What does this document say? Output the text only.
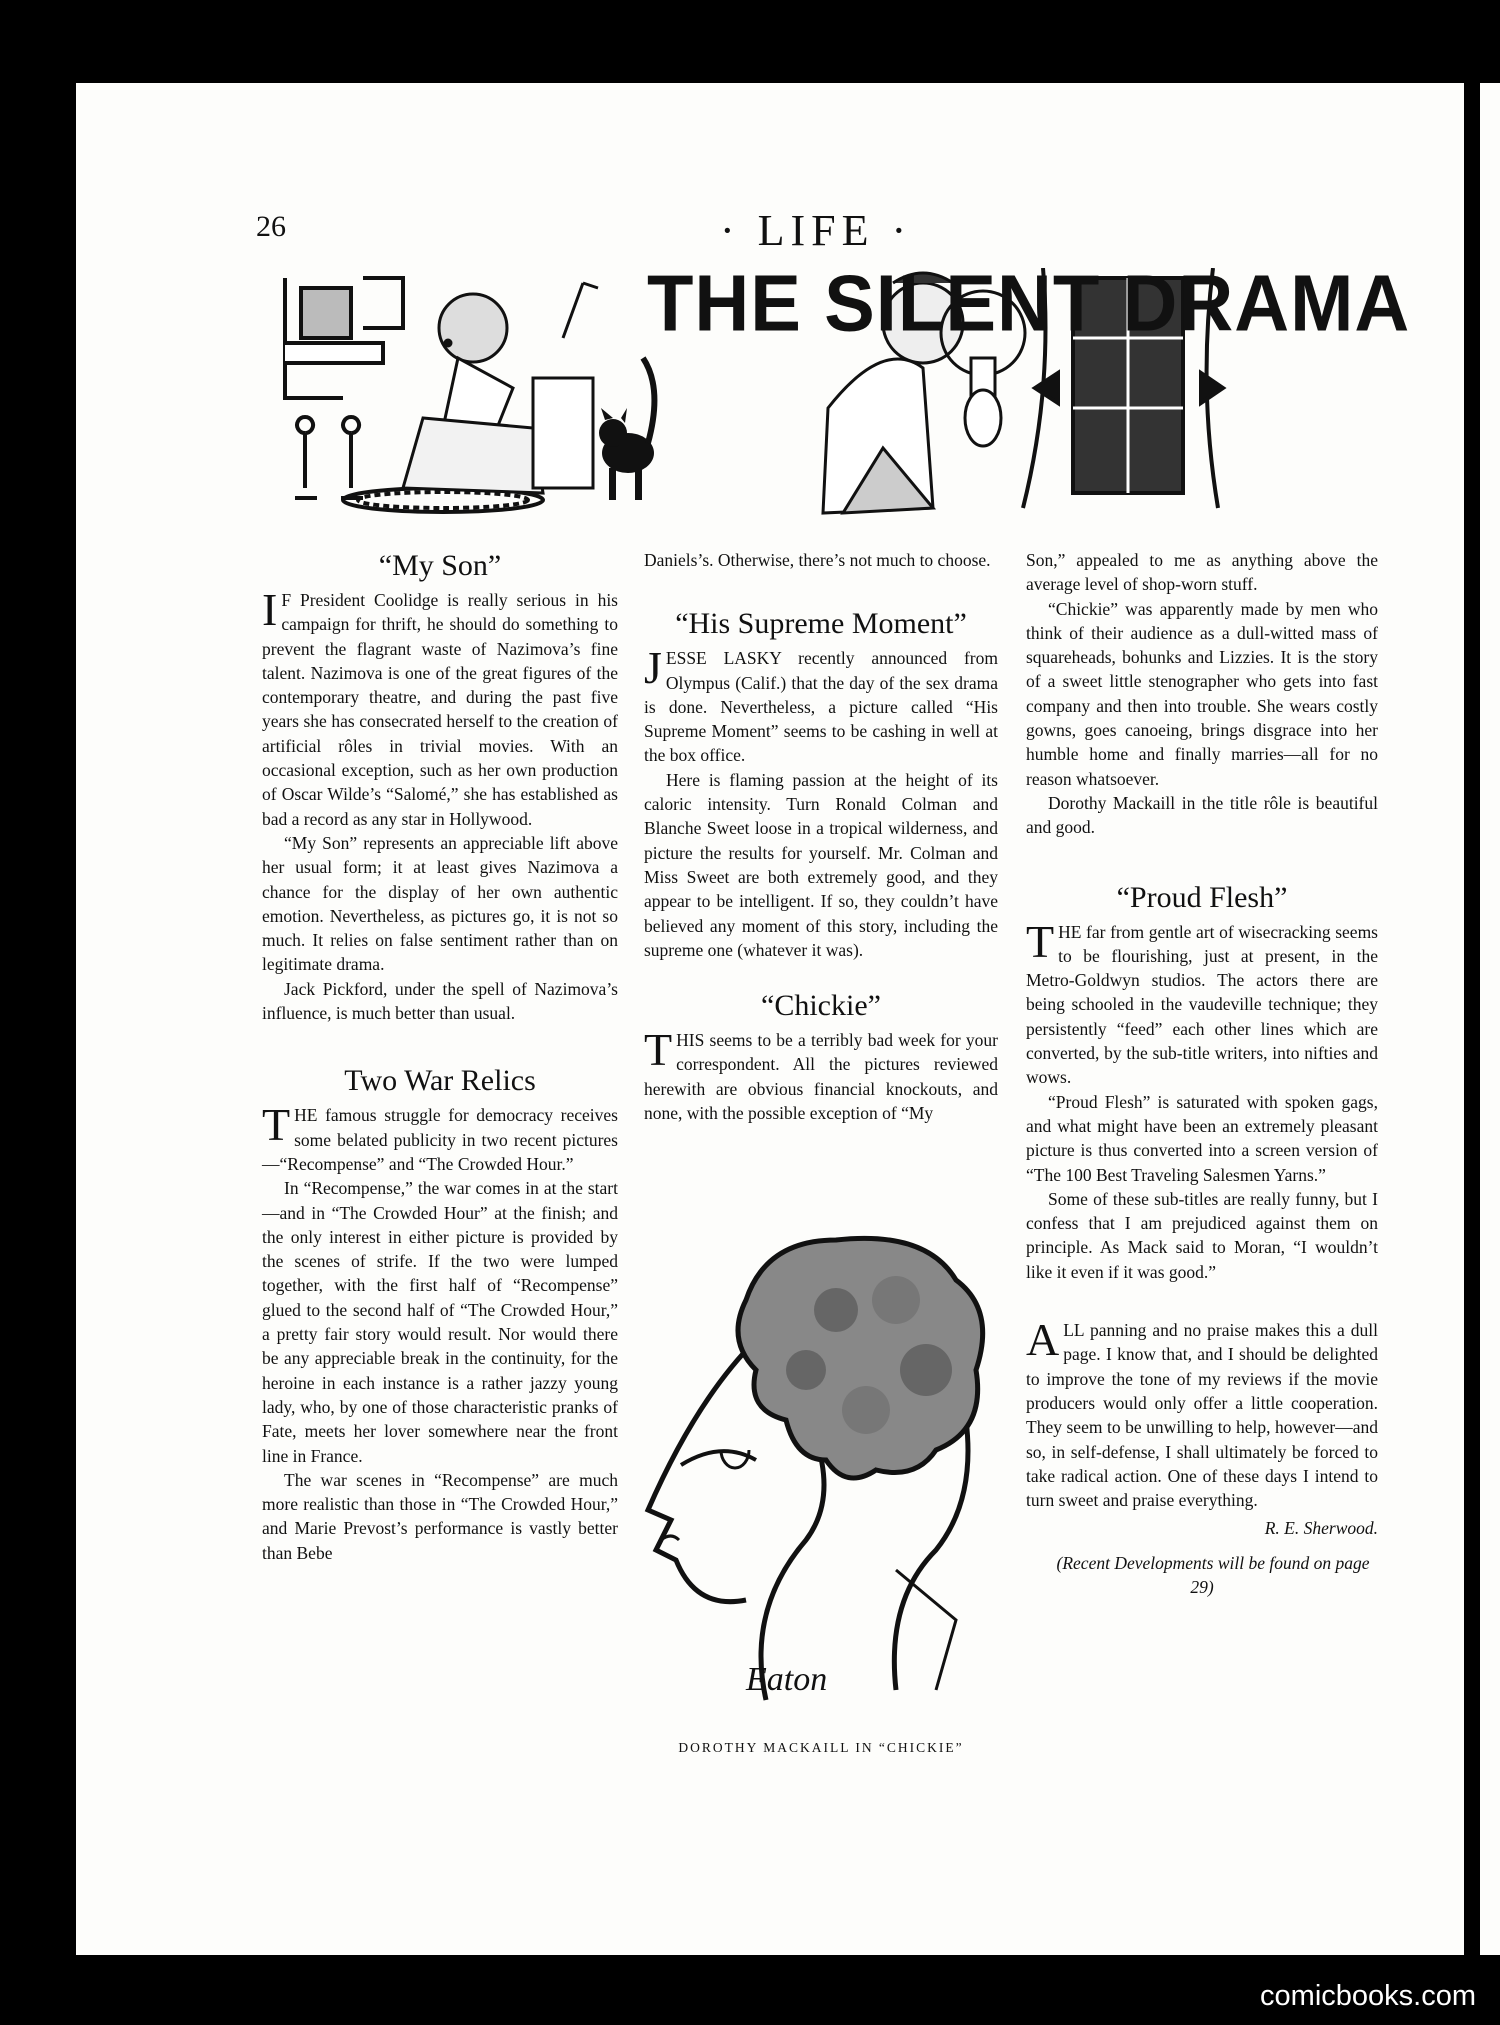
26	· LIFE ·
THE SILENT DRAMA
“My Son”

I F President Coolidge is really serious in his campaign for thrift, he should do something to prevent the flagrant waste of Nazimova’s fine talent. Nazimova is one of the great figures of the contemporary theatre, and during the past five years she has consecrated herself to the creation of artificial rôles in trivial movies. With an occasional exception, such as her own production of Oscar Wilde’s “Salomé,” she has established as bad a record as any star in Hollywood.

“My Son” represents an appreciable lift above her usual form; it at least gives Nazimova a chance for the display of her own authentic emotion. Nevertheless, as pictures go, it is not so much. It relies on false sentiment rather than on legitimate drama.

Jack Pickford, under the spell of Nazimova’s influence, is much better than usual.

Two War Relics

THE famous struggle for democracy receives some belated publicity in two recent pictures—“Recompense” and “The Crowded Hour.”

In “Recompense,” the war comes in at the start—and in “The Crowded Hour” at the finish; and the only interest in either picture is provided by the scenes of strife. If the two were lumped together, with the first half of “Recompense” glued to the second half of “The Crowded Hour,” a pretty fair story would result. Nor would there be any appreciable break in the continuity, for the heroine in each instance is a rather jazzy young lady, who, by one of those characteristic pranks of Fate, meets her lover somewhere near the front line in France.

The war scenes in “Recompense” are much more realistic than those in “The Crowded Hour,” and Marie Prevost’s performance is vastly better than Bebe

Daniels’s. Otherwise, there’s not much to choose.

“His Supreme Moment”

JESSE LASKY recently announced from Olympus (Calif.) that the day of the sex drama is done. Nevertheless, a picture called “His Supreme Moment” seems to be cashing in well at the box office.

Here is flaming passion at the height of its caloric intensity. Turn Ronald Colman and Blanche Sweet loose in a tropical wilderness, and picture the results for yourself. Mr. Colman and Miss Sweet are both extremely good, and they appear to be intelligent. If so, they couldn’t have believed any moment of this story, including the supreme one (whatever it was).

“Chickie”

THIS seems to be a terribly bad week for your correspondent. All the pictures reviewed herewith are obvious financial knockouts, and none, with the possible exception of “My

Eaton
DOROTHY MACKAILL IN “CHICKIE”

Son,” appealed to me as anything above the average level of shop-worn stuff.

“Chickie” was apparently made by men who think of their audience as a dull-witted mass of squareheads, bohunks and Lizzies. It is the story of a sweet little stenographer who gets into fast company and then into trouble. She wears costly gowns, goes canoeing, brings disgrace into her humble home and finally marries—all for no reason whatsoever.

Dorothy Mackaill in the title rôle is beautiful and good.

“Proud Flesh”

THE far from gentle art of wisecracking seems to be flourishing, just at present, in the Metro-Goldwyn studios. The actors there are being schooled in the vaudeville technique; they persistently “feed” each other lines which are converted, by the sub-title writers, into nifties and wows.

“Proud Flesh” is saturated with spoken gags, and what might have been an extremely pleasant picture is thus converted into a screen version of “The 100 Best Traveling Salesmen Yarns.”

Some of these sub-titles are really funny, but I confess that I am prejudiced against them on principle. As Mack said to Moran, “I wouldn’t like it even if it was good.”

ALL panning and no praise makes this a dull page. I know that, and I should be delighted to improve the tone of my reviews if the movie producers would only offer a little cooperation. They seem to be unwilling to help, however—and so, in self-defense, I shall ultimately be forced to take radical action. One of these days I intend to turn sweet and praise everything.

R. E. Sherwood.

(Recent Developments will be found on page 29)

comicbooks.com
